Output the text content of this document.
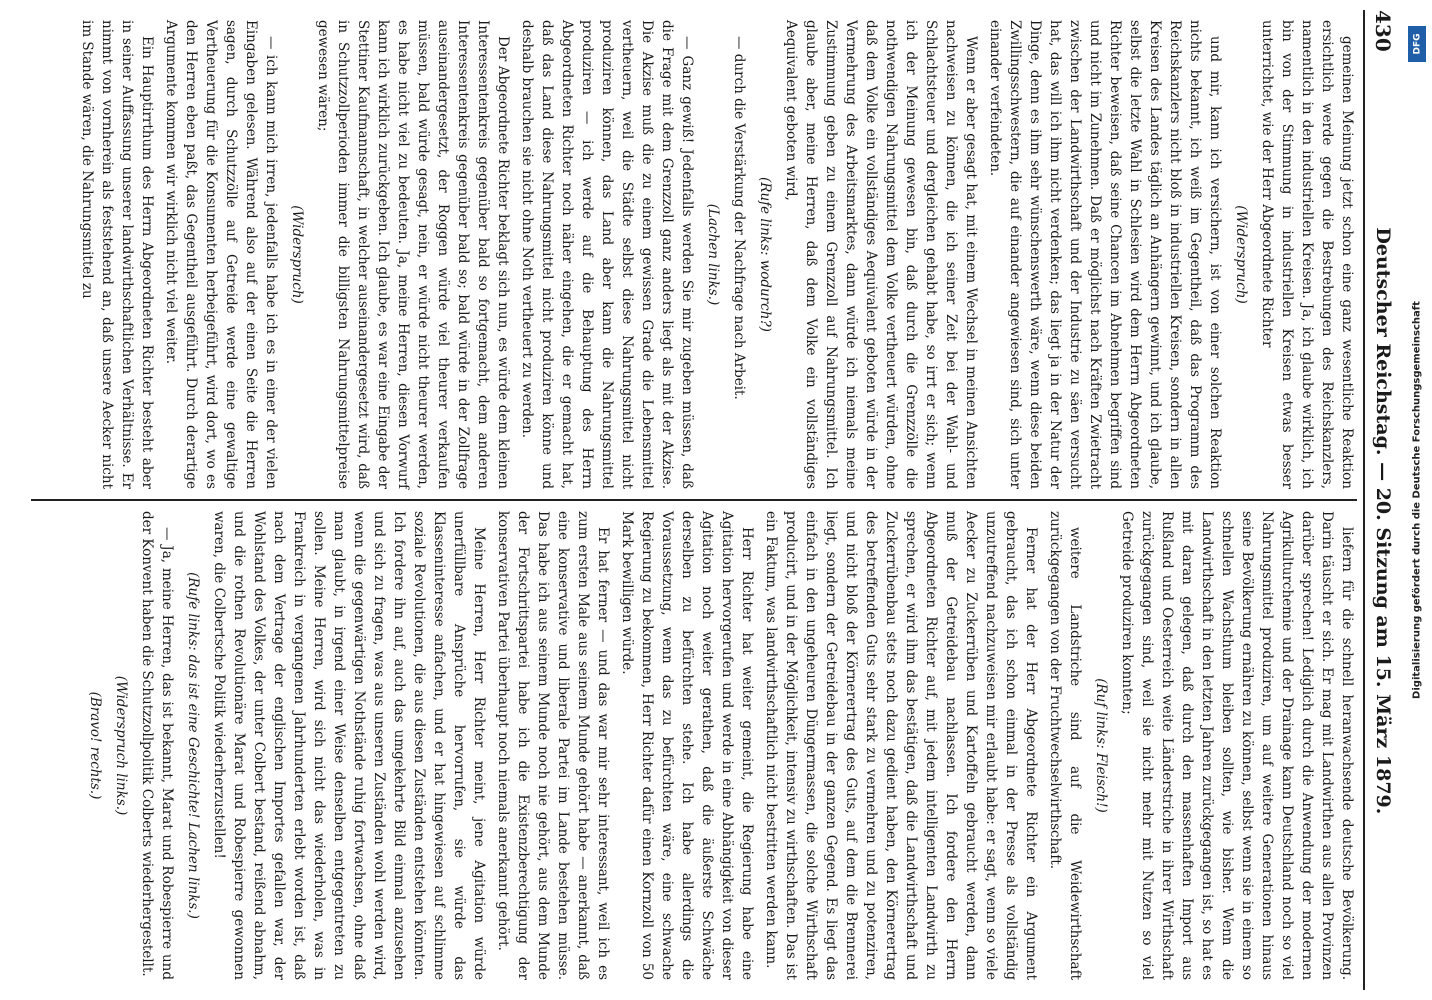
430
Deutscher Reichstag. — 20. Sitzung am 15. März 1879.

gemeinen Meinung jetzt schon eine ganz wesentliche Reaktion ersichtlich werde gegen die Bestrebungen des Reichskanzlers, namentlich in den industriellen Kreisen. Ja, ich glaube wirklich, ich bin von der Stimmung in industriellen Kreisen etwas besser unterrichtet, wie der Herr Abgeordnete Richter

(Widerspruch)

und mir, kann ich versichern, ist von einer solchen Reaktion nichts bekannt, ich weiß im Gegentheil, daß das Programm des Reichskanzlers nicht bloß in industriellen Kreisen, sondern in allen Kreisen des Landes täglich an Anhängern gewinnt, und ich glaube, selbst die letzte Wahl in Schlesien wird dem Herrn Abgeordneten Richter beweisen, daß seine Chancen im Abnehmen begriffen sind und nicht im Zunehmen. Daß er möglichst nach Kräften Zwietracht zwischen der Landwirthschaft und der Industrie zu säen versucht hat, das will ich ihm nicht verdenken; das liegt ja in der Natur der Dinge, denn es ihm sehr wünschenswerth wäre, wenn diese beiden Zwillingsschwestern, die auf einander angewiesen sind, sich unter einander verfeindeten.

Wenn er aber gesagt hat, mit einem Wechsel in meinen Ansichten nachweisen zu können, die ich seiner Zeit bei der Wahl- und Schlachtsteuer und dergleichen gehabt habe, so irrt er sich; wenn ich der Meinung gewesen bin, daß durch die Grenzzölle die nothwendigen Nahrungsmittel dem Volke vertheuert würden, ohne daß dem Volke ein vollständiges Aequivalent geboten würde in der Vermehrung des Arbeitsmarktes, dann würde ich niemals meine Zustimmung geben zu einem Grenzzoll auf Nahrungsmittel. Ich glaube aber, meine Herren, daß dem Volke ein vollständiges Aequivalent geboten wird,

(Rufe links: wodurch?)

— durch die Verstärkung der Nachfrage nach Arbeit.

(Lachen links.)

— Ganz gewiß! Jedenfalls werden Sie mir zugeben müssen, daß die Frage mit dem Grenzzoll ganz anders liegt als mit der Akzise. Die Akzise muß die zu einem gewissen Grade die Lebensmittel vertheuern, weil die Städte selbst diese Nahrungsmittel nicht produziren können, das Land aber kann die Nahrungsmittel produziren — ich werde auf die Behauptung des Herrn Abgeordneten Richter noch näher eingehen, die er gemacht hat, daß das Land diese Nahrungsmittel nicht produziren könne und deshalb brauchen sie nicht ohne Noth vertheuert zu werden.

Der Abgeordnete Richter beklagt sich nun, es würde dem kleinen Interessentenkreis gegenüber bald so fortgemacht, dem anderen Interessentenkreis gegenüber bald so; bald würde in der Zollfrage auseinandergesetzt, der Roggen würde viel theurer verkaufen müssen, bald würde gesagt, nein, er würde nicht theurer werden, es habe nicht viel zu bedeuten. Ja, meine Herren, diesen Vorwurf kann ich wirklich zurückgeben. Ich glaube, es war eine Eingabe der Stettiner Kaufmannschaft, in welcher auseinandergesetzt wird, daß in Schutzzollperioden immer die billigsten Nahrungsmittelpreise gewesen wären;

(Widerspruch)

— ich kann mich irren, jedenfalls habe ich es in einer der vielen Eingaben gelesen. Während also auf der einen Seite die Herren sagen, durch Schutzzölle auf Getreide werde eine gewaltige Vertheuerung für die Konsumenten herbeigeführt, wird dort, wo es den Herren eben paßt, das Gegentheil ausgeführt. Durch derartige Argumente kommen wir wirklich nicht viel weiter.

Ein Hauptirrthum des Herrn Abgeordneten Richter besteht aber in seiner Auffassung unserer landwirthschaftlichen Verhältnisse. Er nimmt von vornherein als feststehend an, daß unsere Aecker nicht im Stande wären, die Nahrungsmittel zu

liefern für die schnell heranwachsende deutsche Bevölkerung. Darin täuscht er sich. Er mag mit Landwirthen aus allen Provinzen darüber sprechen! Lediglich durch die Anwendung der modernen Agrikulturchemie und der Drainage kann Deutschland noch so viel Nahrungsmittel produziren, um auf weitere Generationen hinaus seine Bevölkerung ernähren zu können, selbst wenn sie in einem so schnellen Wachsthum bleiben sollten, wie bisher. Wenn die Landwirthschaft in den letzten Jahren zurückgegangen ist, so hat es mit daran gelegen, daß durch den massenhaften Import aus Rußland und Oesterreich weite Länderstriche in ihrer Wirthschaft zurückgegangen sind, weil sie nicht mehr mit Nutzen so viel Getreide produziren konnten;

(Ruf links: Fleisch!)

weitere Landstriche sind auf die Weidewirthschaft zurückgegangen von der Fruchtwechselwirthschaft.

Ferner hat der Herr Abgeordnete Richter ein Argument gebraucht, das ich schon einmal in der Presse als vollständig unzutreffend nachzuweisen mir erlaubt habe: er sagt, wenn so viele Aecker zu Zuckerrüben und Kartoffeln gebraucht werden, dann muß der Getreidebau nachlassen. Ich fordere den Herrn Abgeordneten Richter auf, mit jedem intelligenten Landwirth zu sprechen, er wird ihm das bestätigen, daß die Landwirthschaft und Zuckerrübenbau stets noch dazu gedient haben, den Körnerertrag des betreffenden Guts sehr stark zu vermehren und zu potenziren, und nicht bloß der Körnerertrag des Guts, auf dem die Brennerei liegt, sondern der Getreidebau in der ganzen Gegend. Es liegt das einfach in den ungeheuren Düngermassen, die solche Wirthschaft producirt, und in der Möglichkeit, intensiv zu wirthschaften. Das ist ein Faktum, was landwirthschaftlich nicht bestritten werden kann.

Herr Richter hat weiter gemeint, die Regierung habe eine Agitation hervorgerufen und werde in eine Abhängigkeit von dieser Agitation noch weiter gerathen, daß die äußerste Schwäche derselben zu befürchten stehe. Ich habe allerdings die Voraussetzung, wenn das zu befürchten wäre, eine schwache Regierung zu bekommen, Herr Richter dafür einen Kornzoll von 50 Mark bewilligen würde.

Er hat ferner — und das war mir sehr interessant, weil ich es zum ersten Male aus seinem Munde gehört habe — anerkannt, daß eine konservative und liberale Partei im Lande bestehen müsse. Das habe ich aus seinem Munde noch nie gehört, aus dem Munde der Fortschrittspartei habe ich die Existenzberechtigung der konservativen Partei überhaupt noch niemals anerkannt gehört.

Meine Herren, Herr Richter meint, jene Agitation würde unerfüllbare Ansprüche hervorrufen, sie würde das Klasseninteresse anfachen, und er hat hingewiesen auf schlimme soziale Revolutionen, die aus diesen Zuständen entstehen könnten. Ich fordere ihn auf, auch das umgekehrte Bild einmal anzusehen und sich zu fragen, was aus unseren Zuständen wohl werden wird, wenn die gegenwärtigen Nothstände ruhig fortwachsen, ohne daß man glaubt, in irgend einer Weise denselben entgegentreten zu sollen. Meine Herren, wird sich nicht das wiederholen, was in Frankreich in vergangenen Jahrhunderten erlebt worden ist, daß nach dem Vertrage der englischen Importes gefallen war, der Wohlstand des Volkes, der unter Colbert bestand, reißend abnahm, und die rothen Revolutionäre Marat und Robespierre gewonnen waren, die Colbertsche Politik wiederherzustellen!

(Rufe links: das ist eine Geschichte! Lachen links.)

— Ja, meine Herren, das ist bekannt, Marat und Robespierre und der Konvent haben die Schutzzollpolitik Colberts wiederhergestellt.

(Widerspruch links.)

(Bravo! rechts.)

DFG
Digitalisierung gefördert durch die Deutsche Forschungsgemeinschaft
